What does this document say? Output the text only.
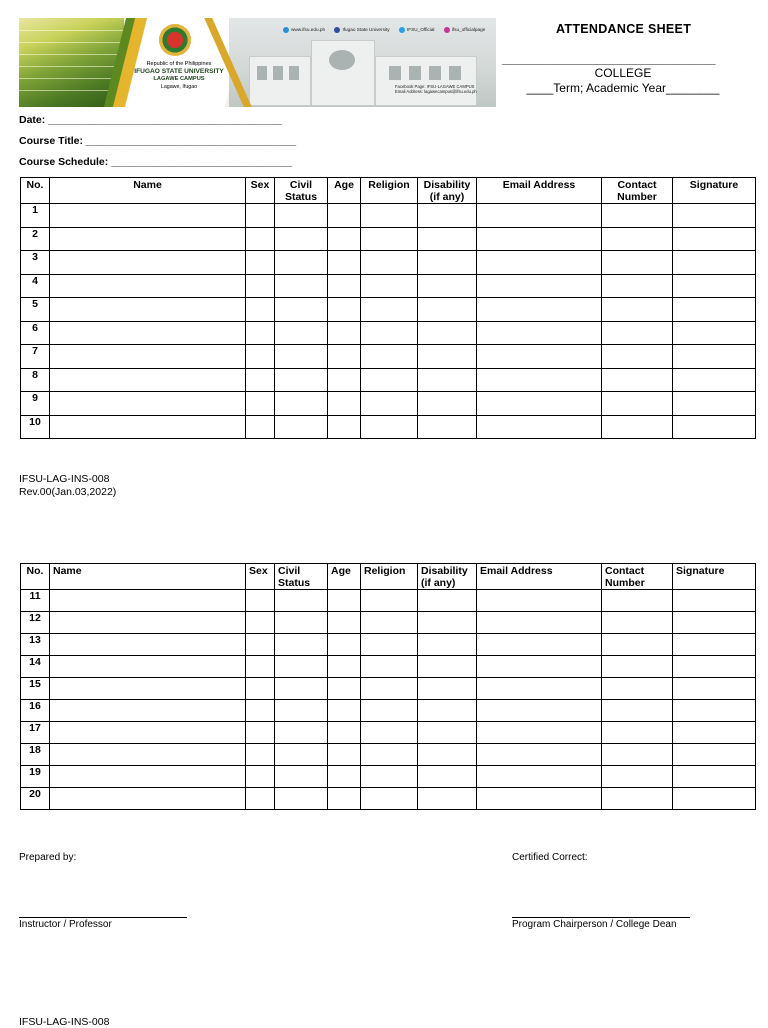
Republic of the Philippines
IFUGAO STATE UNIVERSITY
LAGAWE CAMPUS
Lagawe, Ifugao
www.ifsu.edu.ph	Ifugao State University	IFSU_Official	ifsu_officialpage
Facebook Page: IFSU-LAGAWE CAMPUS
Email Address: lagawecampus@ifsu.edu.ph
ATTENDANCE SHEET
________________________________
COLLEGE
____Term; Academic Year________
Date: ________________________________________
Course Title: ____________________________________
Course Schedule: _______________________________
No.	Name	Sex	Civil Status	Age	Religion	Disability (if any)	Email Address	Contact Number	Signature
1									
2									
3									
4									
5									
6									
7									
8									
9									
10									
IFSU-LAG-INS-008
Rev.00(Jan.03,2022)
No.	Name	Sex	Civil Status	Age	Religion	Disability (if any)	Email Address	Contact Number	Signature
11									
12									
13									
14									
15									
16									
17									
18									
19									
20									
Prepared by:	Certified Correct:
Instructor / Professor	Program Chairperson / College Dean
IFSU-LAG-INS-008
